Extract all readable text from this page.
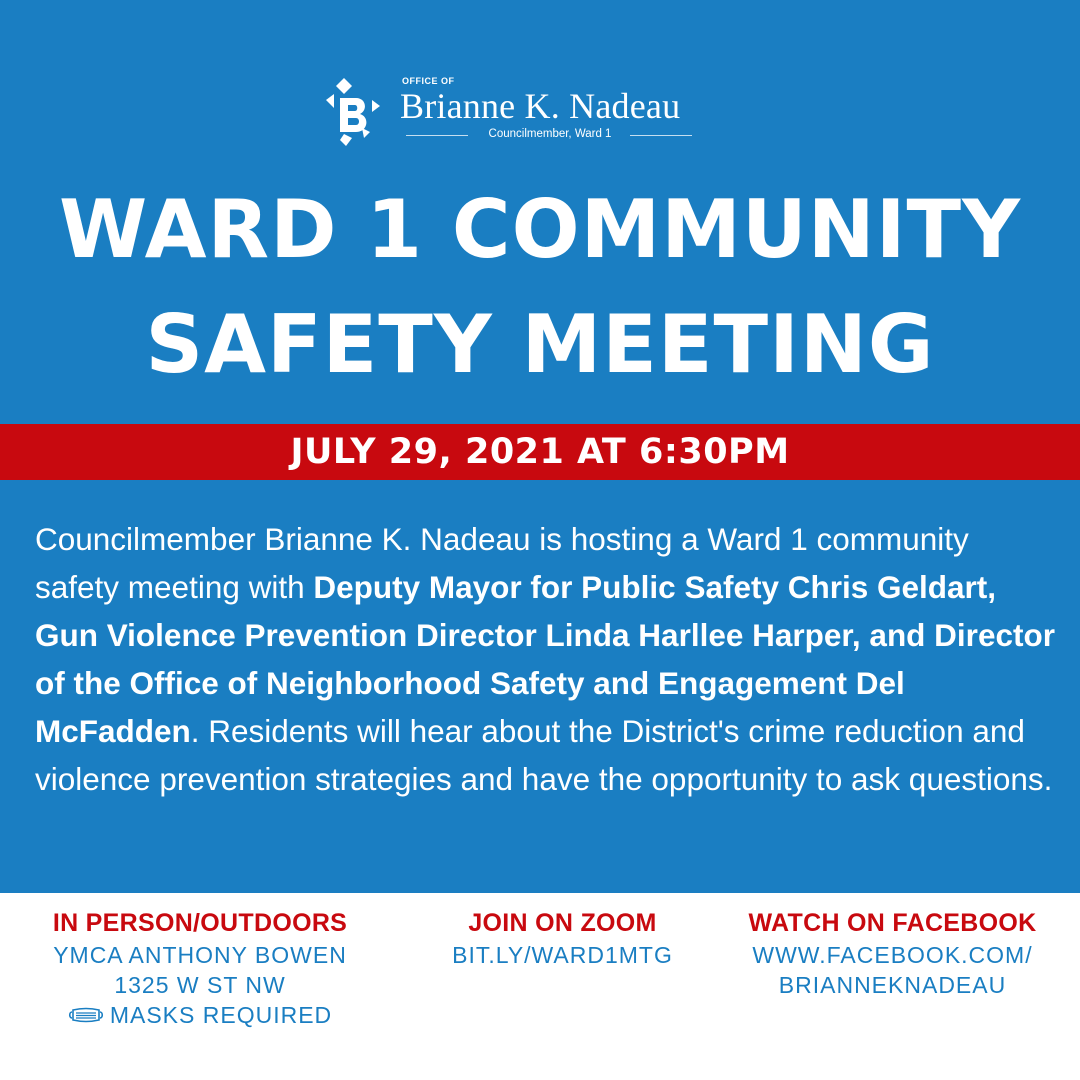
OFFICE OF
Brianne K. Nadeau
Councilmember, Ward 1
WARD 1 COMMUNITY
SAFETY MEETING
JULY 29, 2021 AT 6:30PM
Councilmember Brianne K. Nadeau is hosting a Ward 1 community safety meeting with Deputy Mayor for Public Safety Chris Geldart, Gun Violence Prevention Director Linda Harllee Harper, and Director of the Office of Neighborhood Safety and Engagement Del McFadden. Residents will hear about the District's crime reduction and violence prevention strategies and have the opportunity to ask questions.
IN PERSON/OUTDOORS
YMCA ANTHONY BOWEN
1325 W ST NW
MASKS REQUIRED
JOIN ON ZOOM
BIT.LY/WARD1MTG
WATCH ON FACEBOOK
WWW.FACEBOOK.COM/
BRIANNEKNADEAU
